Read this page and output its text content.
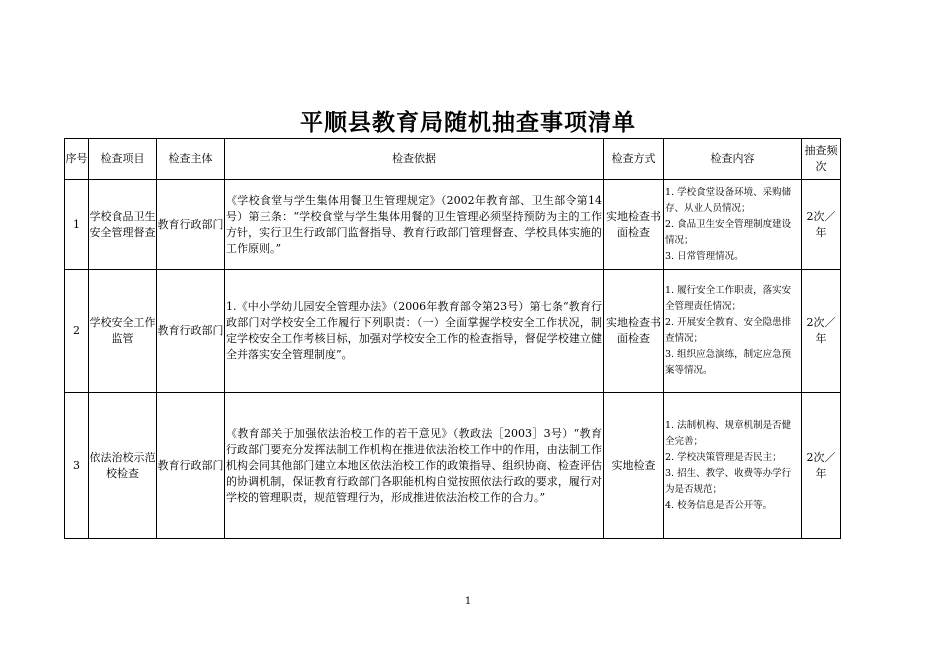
平顺县教育局随机抽查事项清单
序号	检查项目	检查主体	检查依据	检查方式	检查内容	抽查频次
1	学校食品卫生安全管理督查	教育行政部门	《学校食堂与学生集体用餐卫生管理规定》（2002年教育部、卫生部令第14号）第三条：“学校食堂与学生集体用餐的卫生管理必须坚持预防为主的工作方针，实行卫生行政部门监督指导、教育行政部门管理督查、学校具体实施的工作原则。”	实地检查书面检查	1. 学校食堂设备环境、采购储存、从业人员情况；
2. 食品卫生安全管理制度建设情况；
3. 日常管理情况。	2次／年
2	学校安全工作监管	教育行政部门	1.《中小学幼儿园安全管理办法》（2006年教育部令第23号）第七条“教育行政部门对学校安全工作履行下列职责：（一）全面掌握学校安全工作状况，制定学校安全工作考核目标，加强对学校安全工作的检查指导，督促学校建立健全并落实安全管理制度”。	实地检查书面检查	1. 履行安全工作职责，落实安全管理责任情况；
2. 开展安全教育、安全隐患排查情况；
3. 组织应急演练，制定应急预案等情况。	2次／年
3	依法治校示范校检查	教育行政部门	《教育部关于加强依法治校工作的若干意见》（教政法［2003］3号）“教育行政部门要充分发挥法制工作机构在推进依法治校工作中的作用，由法制工作机构会同其他部门建立本地区依法治校工作的政策指导、组织协商、检查评估的协调机制，保证教育行政部门各职能机构自觉按照依法行政的要求，履行对学校的管理职责，规范管理行为，形成推进依法治校工作的合力。”	实地检查	1. 法制机构、规章机制是否健全完善；
2. 学校决策管理是否民主；
3. 招生、教学、收费等办学行为是否规范；
4. 校务信息是否公开等。	2次／年
1
